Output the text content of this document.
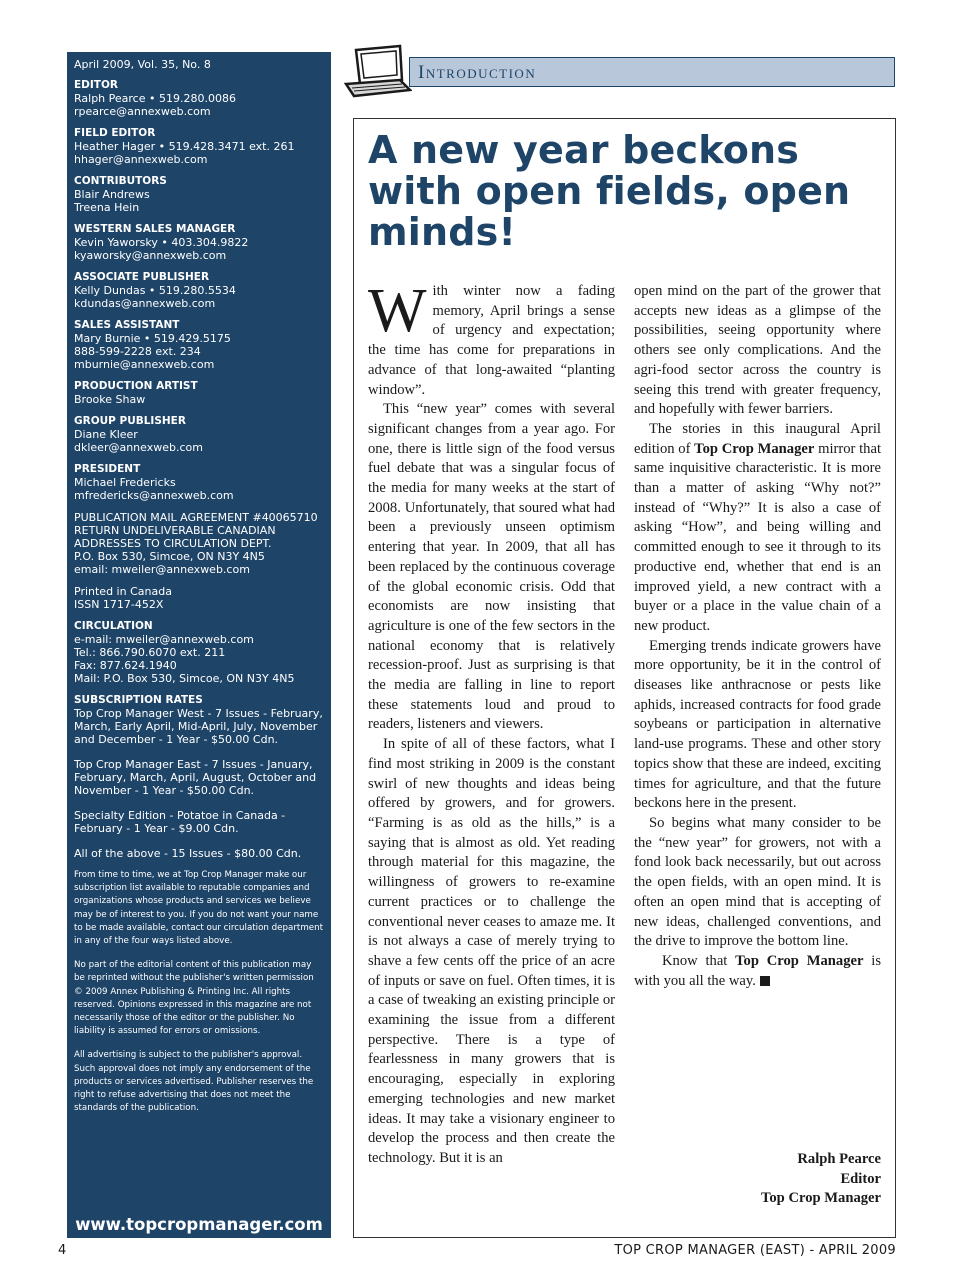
April 2009, Vol. 35, No. 8
EDITOR
Ralph Pearce • 519.280.0086
rpearce@annexweb.com
FIELD EDITOR
Heather Hager • 519.428.3471 ext. 261
hhager@annexweb.com
CONTRIBUTORS
Blair Andrews
Treena Hein
WESTERN SALES MANAGER
Kevin Yaworsky • 403.304.9822
kyaworsky@annexweb.com
ASSOCIATE PUBLISHER
Kelly Dundas • 519.280.5534
kdundas@annexweb.com
SALES ASSISTANT
Mary Burnie • 519.429.5175
888-599-2228 ext. 234
mburnie@annexweb.com
PRODUCTION ARTIST
Brooke Shaw
GROUP PUBLISHER
Diane Kleer
dkleer@annexweb.com
PRESIDENT
Michael Fredericks
mfredericks@annexweb.com
PUBLICATION MAIL AGREEMENT #40065710
RETURN UNDELIVERABLE CANADIAN
ADDRESSES TO CIRCULATION DEPT.
P.O. Box 530, Simcoe, ON N3Y 4N5
email: mweiler@annexweb.com
Printed in Canada
ISSN 1717-452X
CIRCULATION
e-mail: mweiler@annexweb.com
Tel.: 866.790.6070 ext. 211
Fax: 877.624.1940
Mail: P.O. Box 530, Simcoe, ON N3Y 4N5
SUBSCRIPTION RATES
Top Crop Manager West - 7 Issues - February, March, Early April, Mid-April, July, November and December - 1 Year - $50.00 Cdn.
Top Crop Manager East - 7 Issues - January, February, March, April, August, October and November - 1 Year - $50.00 Cdn.
Specialty Edition - Potatoe in Canada - February - 1 Year - $9.00 Cdn.
All of the above - 15 Issues - $80.00 Cdn.
From time to time, we at Top Crop Manager make our subscription list available to reputable companies and organizations whose products and services we believe may be of interest to you. If you do not want your name to be made available, contact our circulation department in any of the four ways listed above.
No part of the editorial content of this publication may be reprinted without the publisher's written permission © 2009 Annex Publishing & Printing Inc. All rights reserved. Opinions expressed in this magazine are not necessarily those of the editor or the publisher. No liability is assumed for errors or omissions.
All advertising is subject to the publisher's approval. Such approval does not imply any endorsement of the products or services advertised. Publisher reserves the right to refuse advertising that does not meet the standards of the publication.
www.topcropmanager.com
Introduction
A new year beckons with open fields, open minds!

With winter now a fading memory, April brings a sense of urgency and expectation; the time has come for preparations in advance of that long-awaited “planting window”.

This “new year” comes with several significant changes from a year ago. For one, there is little sign of the food versus fuel debate that was a singular focus of the media for many weeks at the start of 2008. Unfortunately, that soured what had been a previously unseen optimism entering that year. In 2009, that all has been replaced by the continuous coverage of the global economic crisis. Odd that economists are now insisting that agriculture is one of the few sectors in the national economy that is relatively recession-proof. Just as surprising is that the media are falling in line to report these statements loud and proud to readers, listeners and viewers.

In spite of all of these factors, what I find most striking in 2009 is the constant swirl of new thoughts and ideas being offered by growers, and for growers. “Farming is as old as the hills,” is a saying that is almost as old. Yet reading through material for this magazine, the willingness of growers to re-examine current practices or to challenge the conventional never ceases to amaze me. It is not always a case of merely trying to shave a few cents off the price of an acre of inputs or save on fuel. Often times, it is a case of tweaking an existing principle or examining the issue from a different perspective. There is a type of fearlessness in many growers that is encouraging, especially in exploring emerging technologies and new market ideas. It may take a visionary engineer to develop the process and then create the technology. But it is an

open mind on the part of the grower that accepts new ideas as a glimpse of the possibilities, seeing opportunity where others see only complications. And the agri-food sector across the country is seeing this trend with greater frequency, and hopefully with fewer barriers.

The stories in this inaugural April edition of Top Crop Manager mirror that same inquisitive characteristic. It is more than a matter of asking “Why not?” instead of “Why?” It is also a case of asking “How”, and being willing and committed enough to see it through to its productive end, whether that end is an improved yield, a new contract with a buyer or a place in the value chain of a new product.

Emerging trends indicate growers have more opportunity, be it in the control of diseases like anthracnose or pests like aphids, increased contracts for food grade soybeans or participation in alternative land-use programs. These and other story topics show that these are indeed, exciting times for agriculture, and that the future beckons here in the present.

So begins what many consider to be the “new year” for growers, not with a fond look back necessarily, but out across the open fields, with an open mind. It is often an open mind that is accepting of new ideas, challenged conventions, and the drive to improve the bottom line.

Know that Top Crop Manager is with you all the way.

Ralph Pearce
Editor
Top Crop Manager
4	TOP CROP MANAGER (EAST) - APRIL 2009
